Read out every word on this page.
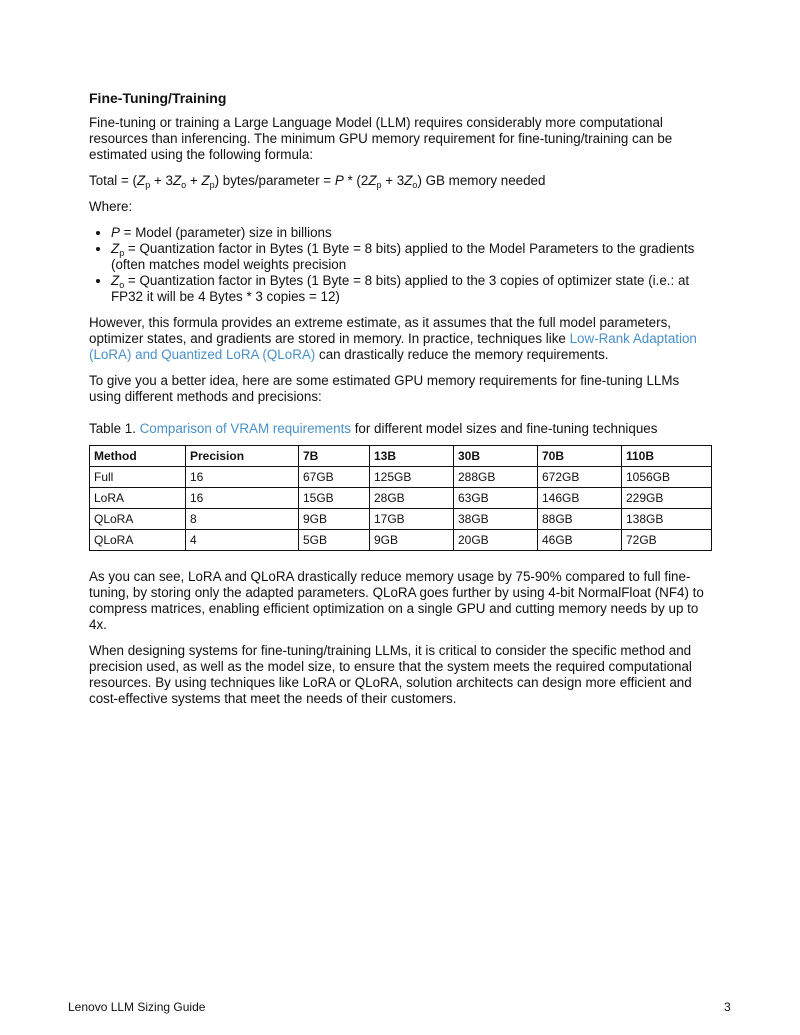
Fine-Tuning/Training

Fine-tuning or training a Large Language Model (LLM) requires considerably more computational resources than inferencing. The minimum GPU memory requirement for fine-tuning/training can be estimated using the following formula:

Total = $(Z_p + 3Z_o + Z_p)$ bytes/parameter = $P * (2Z_p + 3Z_o)$ GB memory needed

Where:

• P = Model (parameter) size in billions
• $Z_p$ = Quantization factor in Bytes (1 Byte = 8 bits) applied to the Model Parameters to the gradients (often matches model weights precision
• $Z_o$ = Quantization factor in Bytes (1 Byte = 8 bits) applied to the 3 copies of optimizer state (i.e.: at FP32 it will be 4 Bytes * 3 copies = 12)

However, this formula provides an extreme estimate, as it assumes that the full model parameters, optimizer states, and gradients are stored in memory. In practice, techniques like Low-Rank Adaptation (LoRA) and Quantized LoRA (QLoRA) can drastically reduce the memory requirements.

To give you a better idea, here are some estimated GPU memory requirements for fine-tuning LLMs using different methods and precisions:

Table 1. Comparison of VRAM requirements for different model sizes and fine-tuning techniques
Method	Precision	7B	13B	30B	70B	110B
Full	16	67GB	125GB	288GB	672GB	1056GB
LoRA	16	15GB	28GB	63GB	146GB	229GB
QLoRA	8	9GB	17GB	38GB	88GB	138GB
QLoRA	4	5GB	9GB	20GB	46GB	72GB

As you can see, LoRA and QLoRA drastically reduce memory usage by 75-90% compared to full fine-tuning, by storing only the adapted parameters. QLoRA goes further by using 4-bit NormalFloat (NF4) to compress matrices, enabling efficient optimization on a single GPU and cutting memory needs by up to 4x.

When designing systems for fine-tuning/training LLMs, it is critical to consider the specific method and precision used, as well as the model size, to ensure that the system meets the required computational resources. By using techniques like LoRA or QLoRA, solution architects can design more efficient and cost-effective systems that meet the needs of their customers.

Lenovo LLM Sizing Guide	3
